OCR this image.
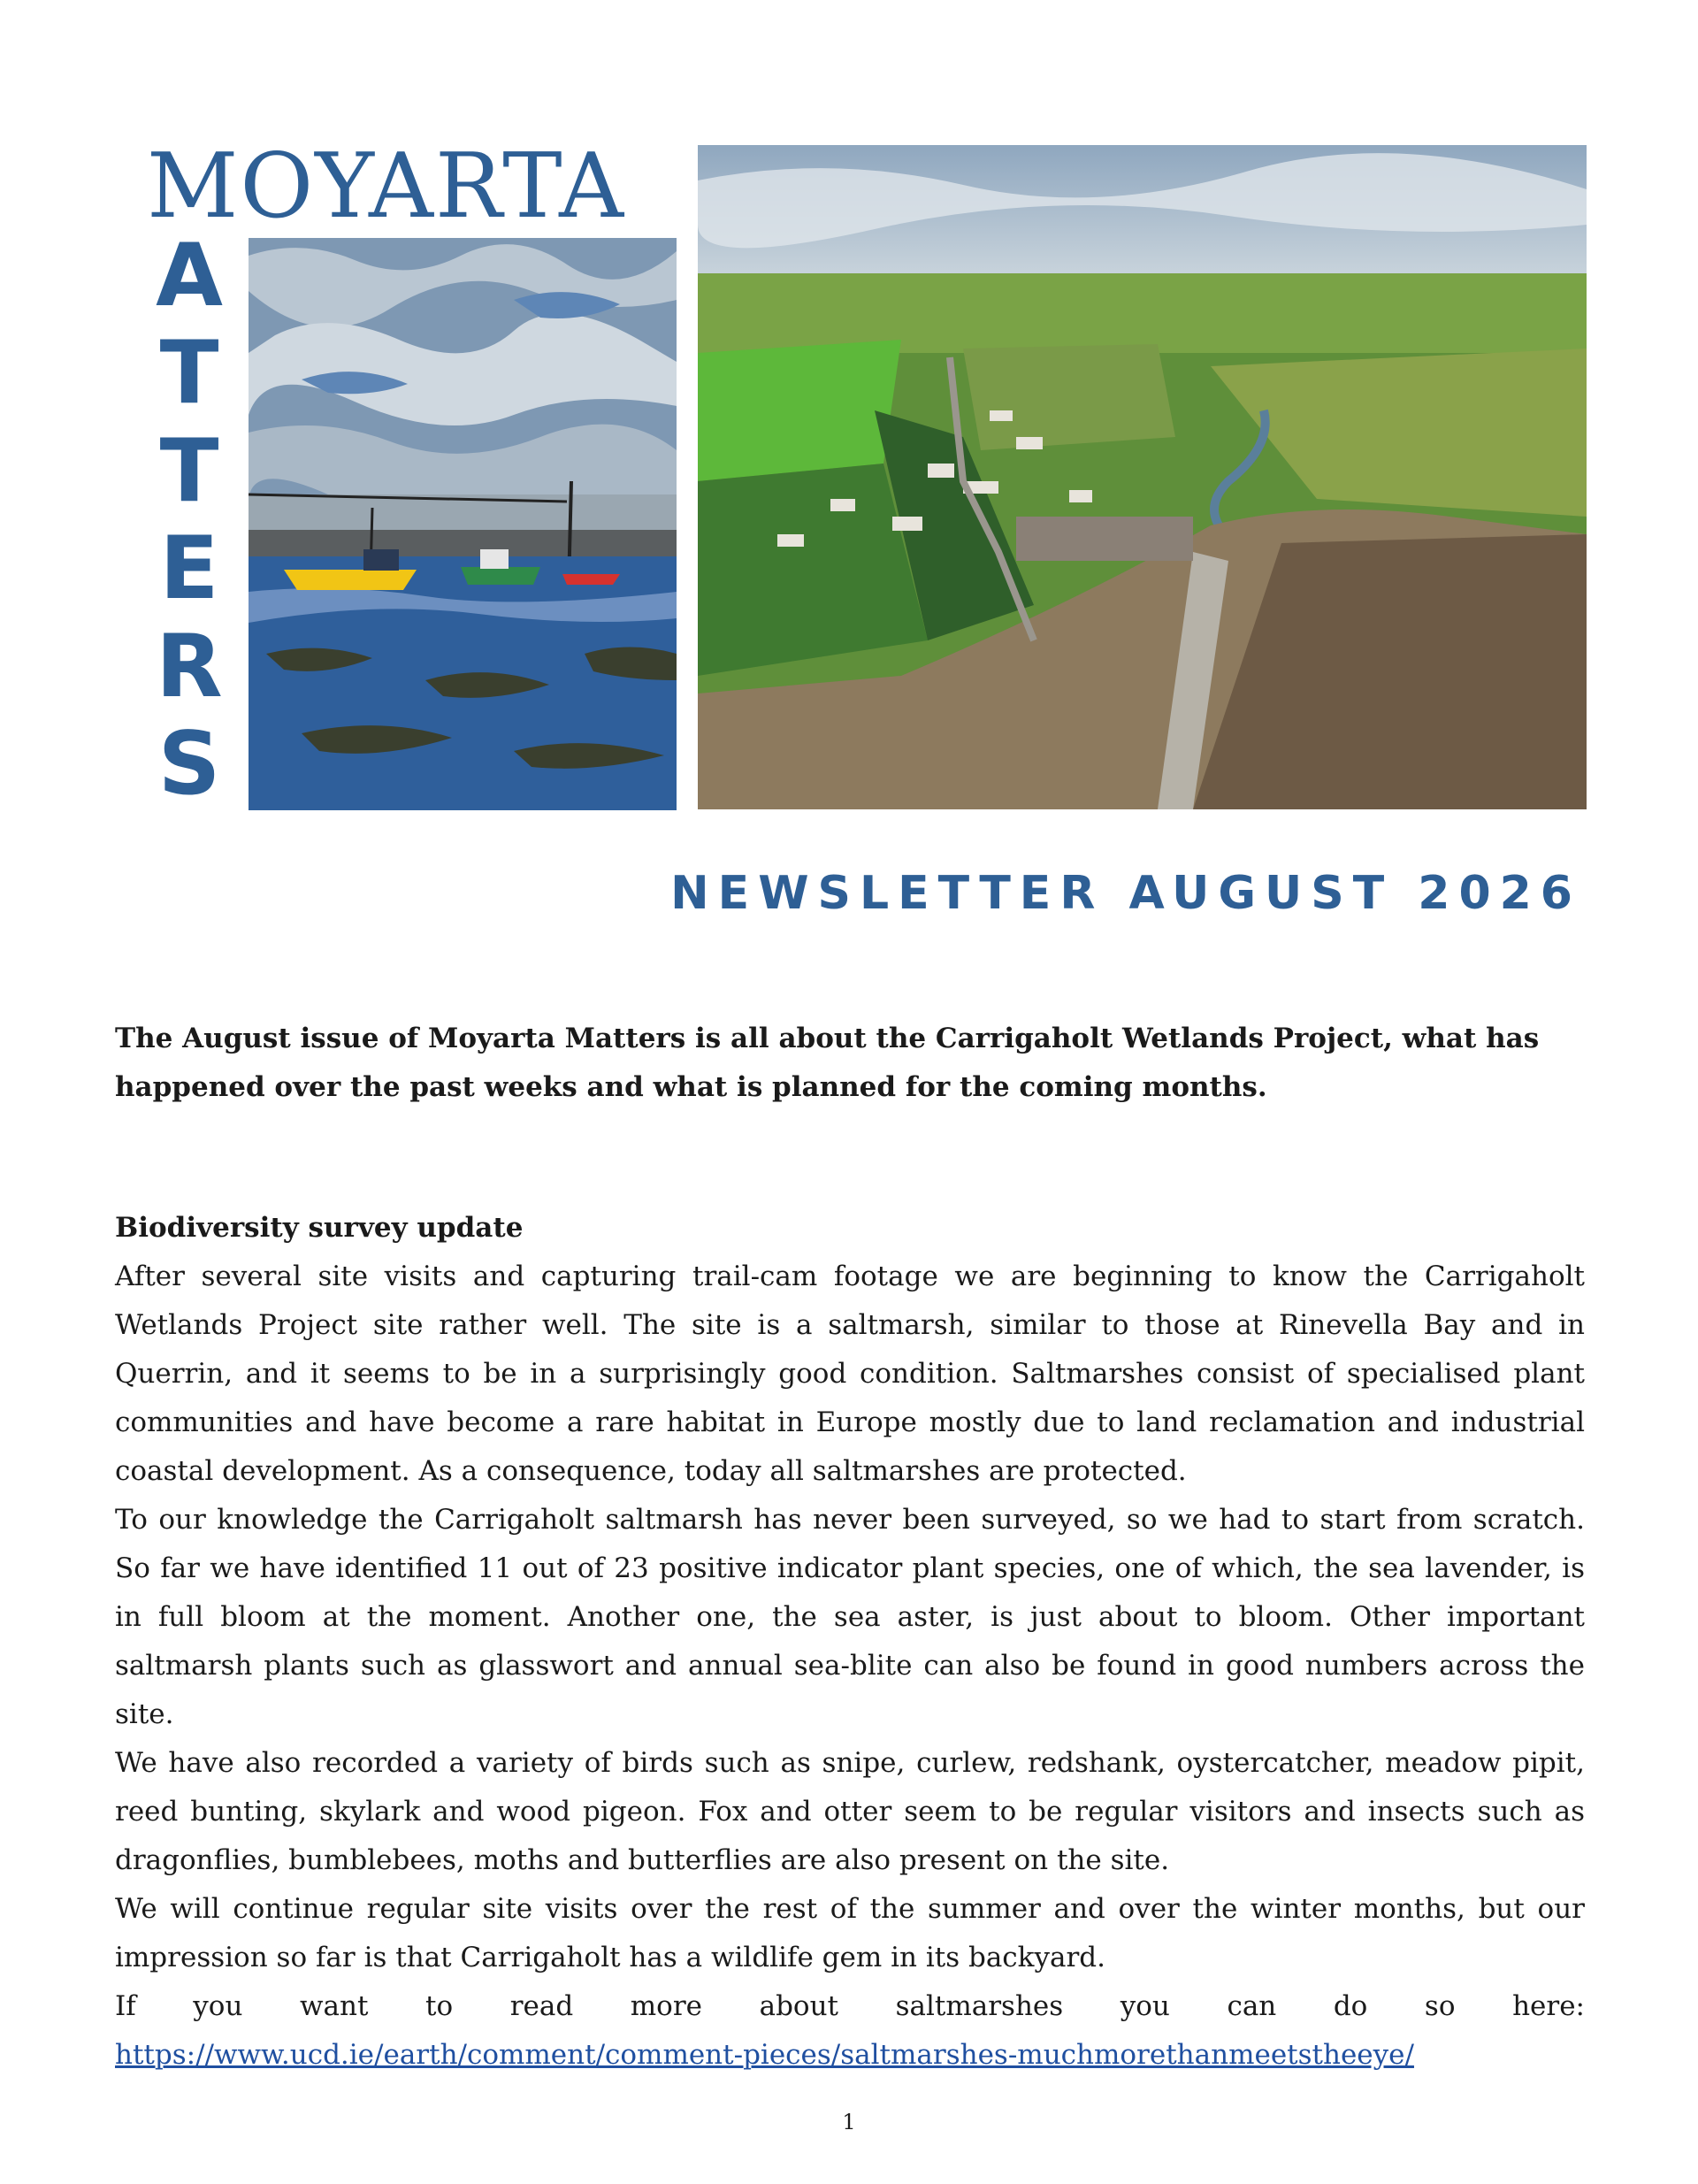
MOYARTA
A
T
T
E
R
S
NEWSLETTER AUGUST 2026
The August issue of Moyarta Matters is all about the Carrigaholt Wetlands Project, what has happened over the past weeks and what is planned for the coming months.
Biodiversity survey update

After several site visits and capturing trail-cam footage we are beginning to know the Carrigaholt Wetlands Project site rather well. The site is a saltmarsh, similar to those at Rinevella Bay and in Querrin, and it seems to be in a surprisingly good condition. Saltmarshes consist of specialised plant communities and have become a rare habitat in Europe mostly due to land reclamation and industrial coastal development. As a consequence, today all saltmarshes are protected.

To our knowledge the Carrigaholt saltmarsh has never been surveyed, so we had to start from scratch. So far we have identified 11 out of 23 positive indicator plant species, one of which, the sea lavender, is in full bloom at the moment. Another one, the sea aster, is just about to bloom. Other important saltmarsh plants such as glasswort and annual sea-blite can also be found in good numbers across the site.

We have also recorded a variety of birds such as snipe, curlew, redshank, oystercatcher, meadow pipit, reed bunting, skylark and wood pigeon. Fox and otter seem to be regular visitors and insects such as dragonflies, bumblebees, moths and butterflies are also present on the site.

We will continue regular site visits over the rest of the summer and over the winter months, but our impression so far is that Carrigaholt has a wildlife gem in its backyard.

If you want to read more about saltmarshes you can do so here: https://www.ucd.ie/earth/comment/comment-pieces/saltmarshes-muchmorethanmeetstheeye/

1
